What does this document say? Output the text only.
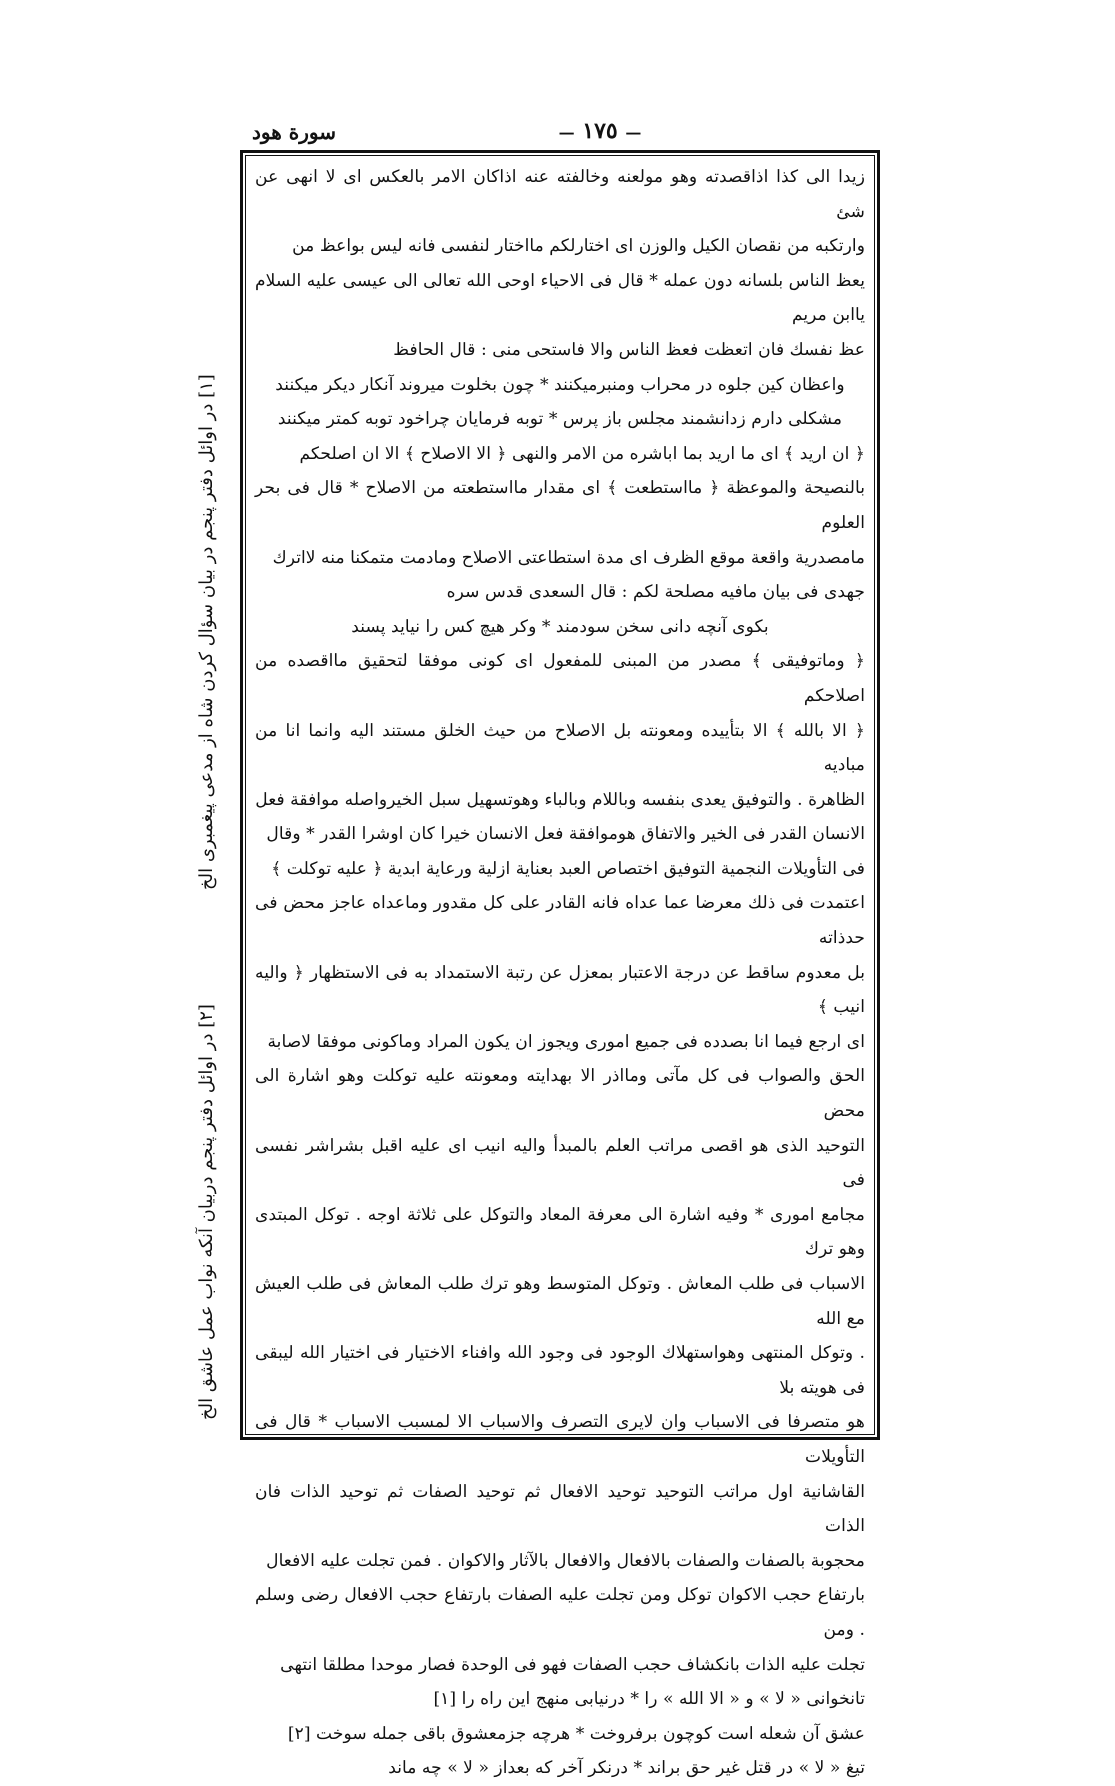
— ١٧٥ —
سورة هود

زيدا الى كذا اذاقصدته وهو مولعنه وخالفته عنه اذاكان الامر بالعكس اى لا انهى عن شئ

وارتكبه من نقصان الكيل والوزن اى اختارلكم مااختار لنفسى فانه ليس بواعظ من

يعظ الناس بلسانه دون عمله * قال فى الاحياء اوحى الله تعالى الى عيسى عليه السلام ياابن مريم

عظ نفسك فان اتعظت فعظ الناس والا فاستحى منى : قال الحافظ

واعظان كين جلوه در محراب ومنبرميكنند * چون بخلوت ميروند آنكار ديكر ميكنند

مشكلى دارم زدانشمند مجلس باز پرس * توبه فرمايان چراخود توبه كمتر ميكنند

﴿ ان اريد ﴾ اى ما اريد بما اباشره من الامر والنهى ﴿ الا الاصلاح ﴾ الا ان اصلحكم

بالنصيحة والموعظة ﴿ مااستطعت ﴾ اى مقدار مااستطعته من الاصلاح * قال فى بحر العلوم

مامصدرية واقعة موقع الظرف اى مدة استطاعتى الاصلاح ومادمت متمكنا منه لااترك

جهدى فى بيان مافيه مصلحة لكم : قال السعدى قدس سره

بكوى آنچه دانى سخن سودمند * وكر هيچ كس را نيايد پسند

﴿ وماتوفيقى ﴾ مصدر من المبنى للمفعول اى كونى موفقا لتحقيق مااقصده من اصلاحكم

﴿ الا بالله ﴾ الا بتأييده ومعونته بل الاصلاح من حيث الخلق مستند اليه وانما انا من مباديه

الظاهرة . والتوفيق يعدى بنفسه وباللام وبالباء وهوتسهيل سبل الخيرواصله موافقة فعل

الانسان القدر فى الخير والاتفاق هوموافقة فعل الانسان خيرا كان اوشرا القدر * وقال

فى التأويلات النجمية التوفيق اختصاص العبد بعناية ازلية ورعاية ابدية ﴿ عليه توكلت ﴾

اعتمدت فى ذلك معرضا عما عداه فانه القادر على كل مقدور وماعداه عاجز محض فى حدذاته

بل معدوم ساقط عن درجة الاعتبار بمعزل عن رتبة الاستمداد به فى الاستظهار ﴿ واليه انيب ﴾

اى ارجع فيما انا بصدده فى جميع امورى ويجوز ان يكون المراد وماكونى موفقا لاصابة

الحق والصواب فى كل مآتى ومااذر الا بهدايته ومعونته عليه توكلت وهو اشارة الى محض

التوحيد الذى هو اقصى مراتب العلم بالمبدأ واليه انيب اى عليه اقبل بشراشر نفسى فى

مجامع امورى * وفيه اشارة الى معرفة المعاد والتوكل على ثلاثة اوجه . توكل المبتدى وهو ترك

الاسباب فى طلب المعاش . وتوكل المتوسط وهو ترك طلب المعاش فى طلب العيش مع الله

. وتوكل المنتهى وهواستهلاك الوجود فى وجود الله وافناء الاختيار فى اختيار الله ليبقى فى هويته بلا

هو متصرفا فى الاسباب وان لايرى التصرف والاسباب الا لمسبب الاسباب * قال فى التأويلات

القاشانية اول مراتب التوحيد توحيد الافعال ثم توحيد الصفات ثم توحيد الذات فان الذات

محجوبة بالصفات والصفات بالافعال والافعال بالآثار والاكوان . فمن تجلت عليه الافعال

بارتفاع حجب الاكوان توكل ومن تجلت عليه الصفات بارتفاع حجب الافعال رضى وسلم . ومن

تجلت عليه الذات بانكشاف حجب الصفات فهو فى الوحدة فصار موحدا مطلقا انتهى

تانخوانى « لا » و « الا الله » را * درنيابى منهج اين راه را [١]

عشق آن شعله است كوچون برفروخت * هرچه جزمعشوق باقى جمله سوخت [٢]

تيغ « لا » در قتل غير حق براند * درنكر آخر كه بعداز « لا » چه ماند

[١] در اوائل دفتر پنجم در بيان سؤال كردن شاه از مدعى پيغمبرى الخ
[٢] در اوائل دفتر پنجم دربيان آنكه نواب عمل عاشق الخ
